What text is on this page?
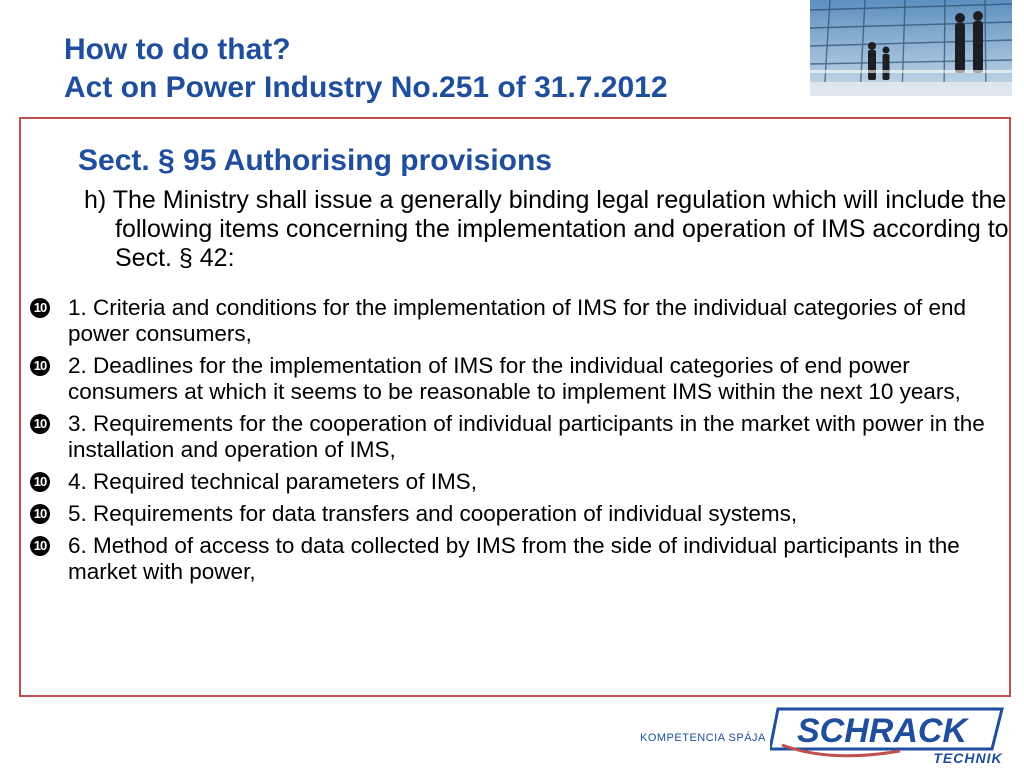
How to do that?
Act on Power Industry No.251 of 31.7.2012
Sect. § 95 Authorising provisions

h) The Ministry shall issue a generally binding legal regulation which will include the following items concerning the implementation and operation of IMS according to Sect. § 42:

10 1. Criteria and conditions for the implementation of IMS for the individual categories of end power consumers,
10 2. Deadlines for the implementation of IMS for the individual categories of end power consumers at which it seems to be reasonable to implement IMS within the next 10 years,
10 3. Requirements for the cooperation of individual participants in the market with power in the installation and operation of IMS,
10 4. Required technical parameters of IMS,
10 5. Requirements for data transfers and cooperation of individual systems,
10 6. Method of access to data collected by IMS from the side of individual participants in the market with power,
KOMPETENCIA SPÁJA SCHRACK
TECHNIK
